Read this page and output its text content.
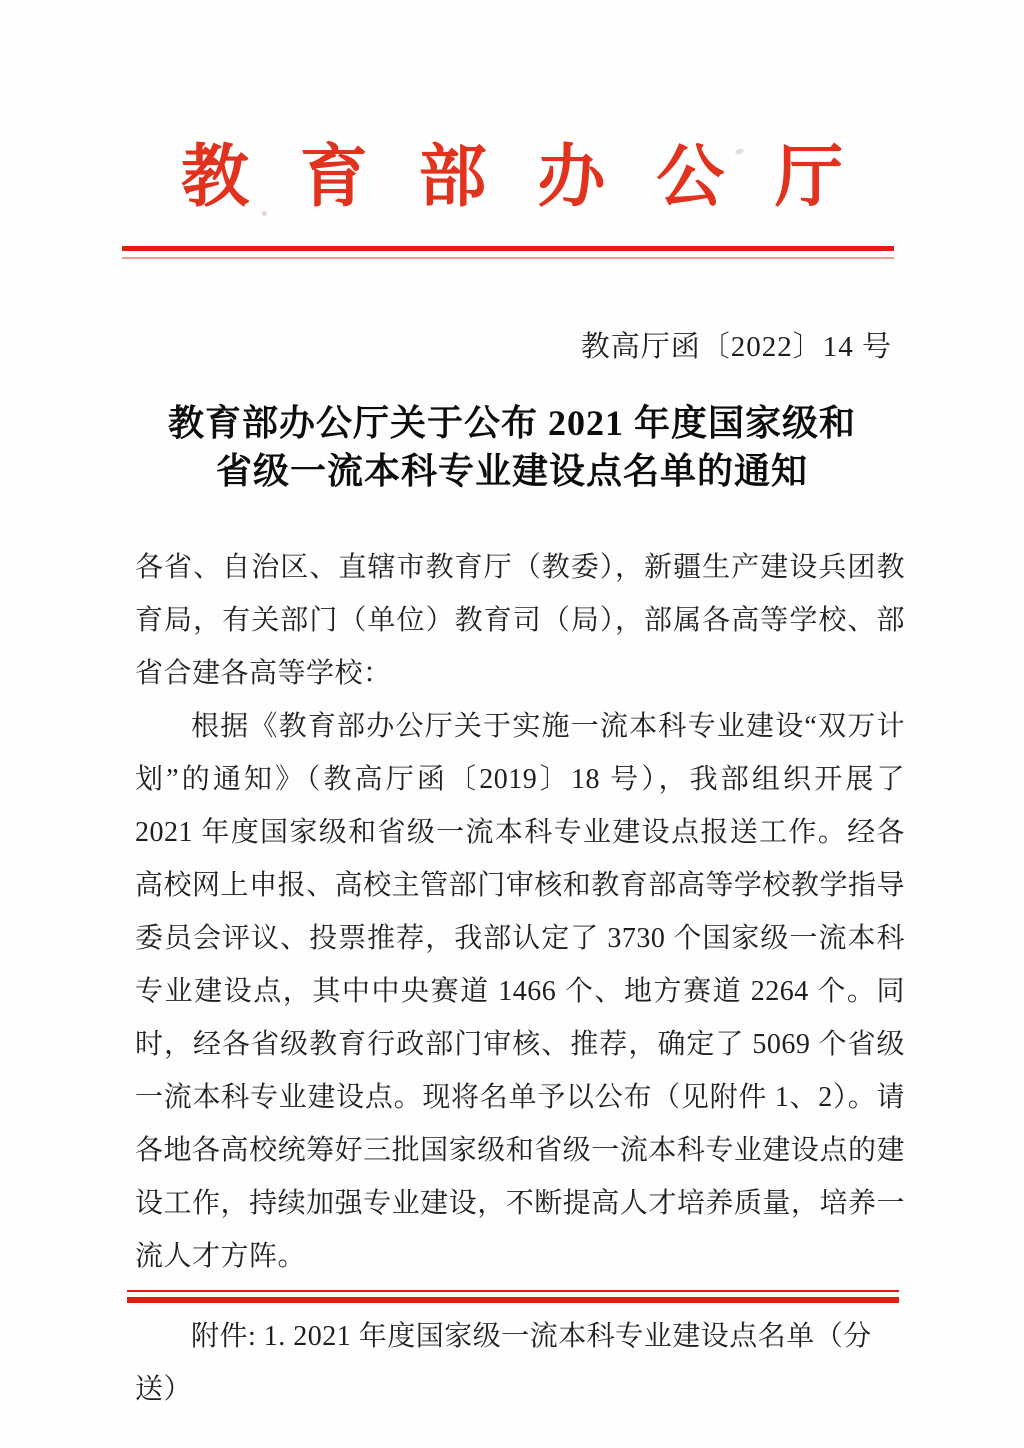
教 育 部 办 公 厅
教高厅函〔2022〕14 号
教育部办公厅关于公布 2021 年度国家级和
省级一流本科专业建设点名单的通知

各省、自治区、直辖市教育厅（教委），新疆生产建设兵团教育局，有关部门（单位）教育司（局），部属各高等学校、部省合建各高等学校：

根据《教育部办公厅关于实施一流本科专业建设“双万计划”的通知》（教高厅函〔2019〕18 号），我部组织开展了 2021 年度国家级和省级一流本科专业建设点报送工作。经各高校网上申报、高校主管部门审核和教育部高等学校教学指导委员会评议、投票推荐，我部认定了 3730 个国家级一流本科专业建设点，其中中央赛道 1466 个、地方赛道 2264 个。同时，经各省级教育行政部门审核、推荐，确定了 5069 个省级一流本科专业建设点。现将名单予以公布（见附件 1、2）。请各地各高校统筹好三批国家级和省级一流本科专业建设点的建设工作，持续加强专业建设，不断提高人才培养质量，培养一流人才方阵。

附件: 1. 2021 年度国家级一流本科专业建设点名单（分送）
